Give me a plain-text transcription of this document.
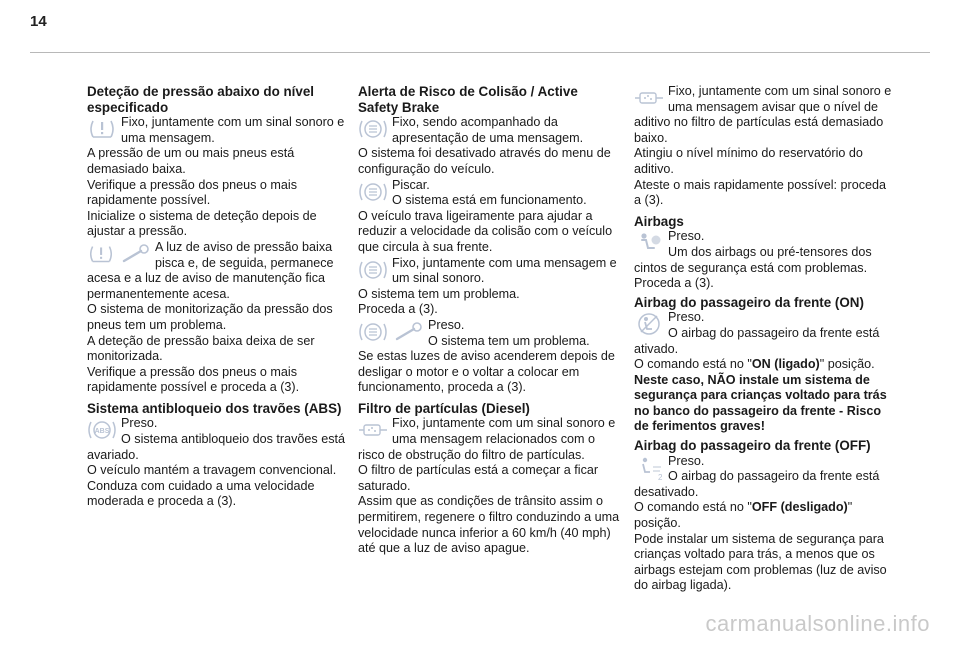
14
Deteção de pressão abaixo do nível especificado

Fixo, juntamente com um sinal sonoro e uma mensagem.

A pressão de um ou mais pneus está demasiado baixa.

Verifique a pressão dos pneus o mais rapidamente possível.

Inicialize o sistema de deteção depois de ajustar a pressão.

A luz de aviso de pressão baixa pisca e, de seguida, permanece acesa e a luz de aviso de manutenção fica permanentemente acesa.

O sistema de monitorização da pressão dos pneus tem um problema.

A deteção de pressão baixa deixa de ser monitorizada.

Verifique a pressão dos pneus o mais rapidamente possível e proceda a (3).

Sistema antibloqueio dos travões (ABS)
ABS

Preso.
O sistema antibloqueio dos travões está avariado.

O veículo mantém a travagem convencional.

Conduza com cuidado a uma velocidade moderada e proceda a (3).

Alerta de Risco de Colisão / Active Safety Brake

Fixo, sendo acompanhado da apresentação de uma mensagem.

O sistema foi desativado através do menu de configuração do veículo.

Piscar.
O sistema está em funcionamento.

O veículo trava ligeiramente para ajudar a reduzir a velocidade da colisão com o veículo que circula à sua frente.

Fixo, juntamente com uma mensagem e um sinal sonoro.

O sistema tem um problema.

Proceda a (3).

Preso.
O sistema tem um problema.

Se estas luzes de aviso acenderem depois de desligar o motor e o voltar a colocar em funcionamento, proceda a (3).

Filtro de partículas (Diesel)

Fixo, juntamente com um sinal sonoro e uma mensagem relacionados com o risco de obstrução do filtro de partículas.

O filtro de partículas está a começar a ficar saturado.

Assim que as condições de trânsito assim o permitirem, regenere o filtro conduzindo a uma velocidade nunca inferior a 60 km/h (40 mph) até que a luz de aviso apague.

Fixo, juntamente com um sinal sonoro e uma mensagem avisar que o nível de aditivo no filtro de partículas está demasiado baixo.

Atingiu o nível mínimo do reservatório do aditivo.

Ateste o mais rapidamente possível: proceda a (3).

Airbags

Preso.
Um dos airbags ou pré-tensores dos cintos de segurança está com problemas.

Proceda a (3).

Airbag do passageiro da frente (ON)

Preso.
O airbag do passageiro da frente está ativado.

O comando está no "ON (ligado)" posição.

Neste caso, NÃO instale um sistema de segurança para crianças voltado para trás no banco do passageiro da frente - Risco de ferimentos graves!

Airbag do passageiro da frente (OFF)
2

Preso.
O airbag do passageiro da frente está desativado.

O comando está no "OFF (desligado)" posição.

Pode instalar um sistema de segurança para crianças voltado para trás, a menos que os airbags estejam com problemas (luz de aviso do airbag ligada).

carmanualsonline.info
